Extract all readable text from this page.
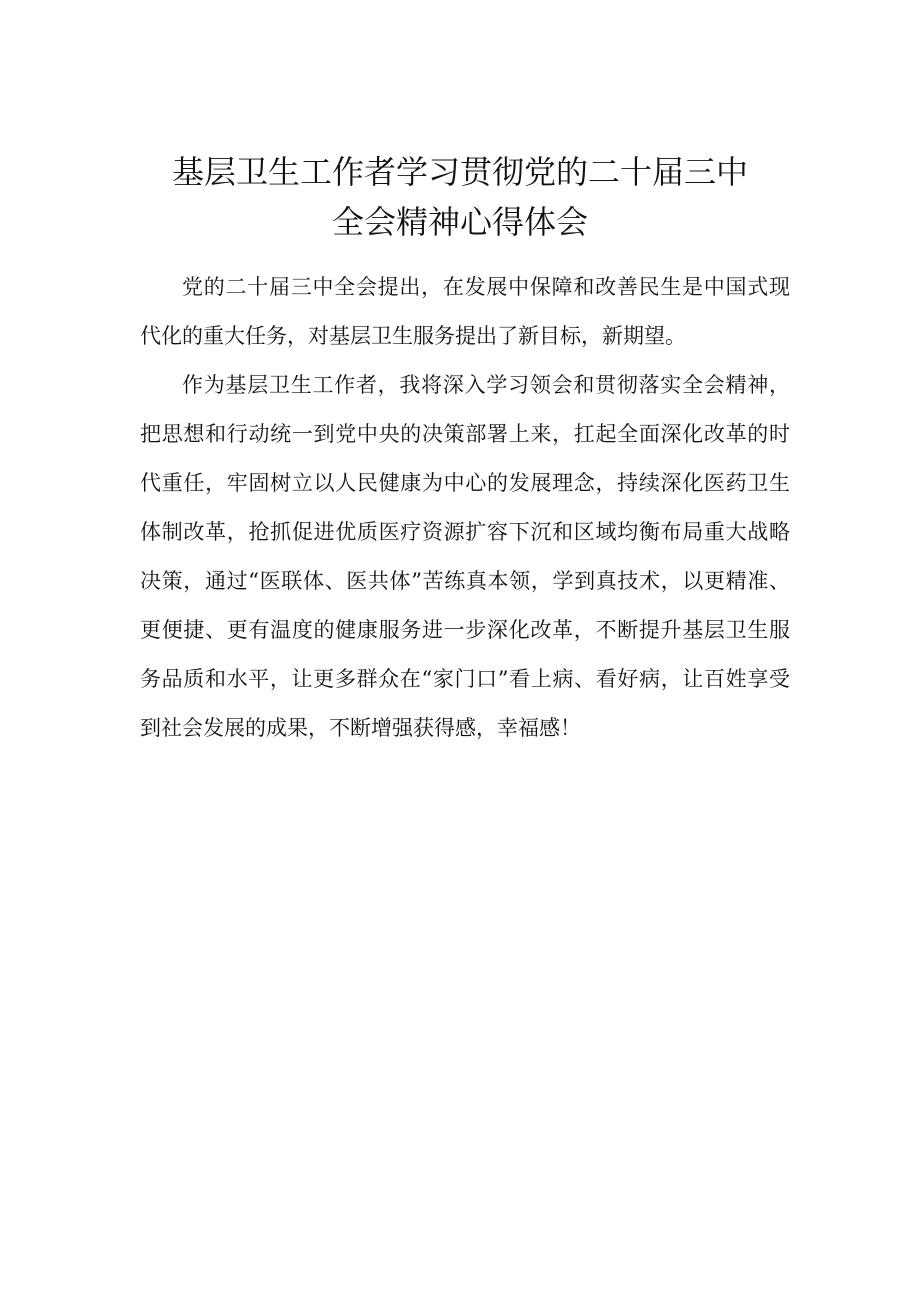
基层卫生工作者学习贯彻党的二十届三中
全会精神心得体会

党的二十届三中全会提出，在发展中保障和改善民生是中国式现代化的重大任务，对基层卫生服务提出了新目标，新期望。

作为基层卫生工作者，我将深入学习领会和贯彻落实全会精神，把思想和行动统一到党中央的决策部署上来，扛起全面深化改革的时代重任，牢固树立以人民健康为中心的发展理念，持续深化医药卫生体制改革，抢抓促进优质医疗资源扩容下沉和区域均衡布局重大战略决策，通过“医联体、医共体”苦练真本领，学到真技术，以更精准、更便捷、更有温度的健康服务进一步深化改革，不断提升基层卫生服务品质和水平，让更多群众在“家门口”看上病、看好病，让百姓享受到社会发展的成果，不断增强获得感，幸福感！
